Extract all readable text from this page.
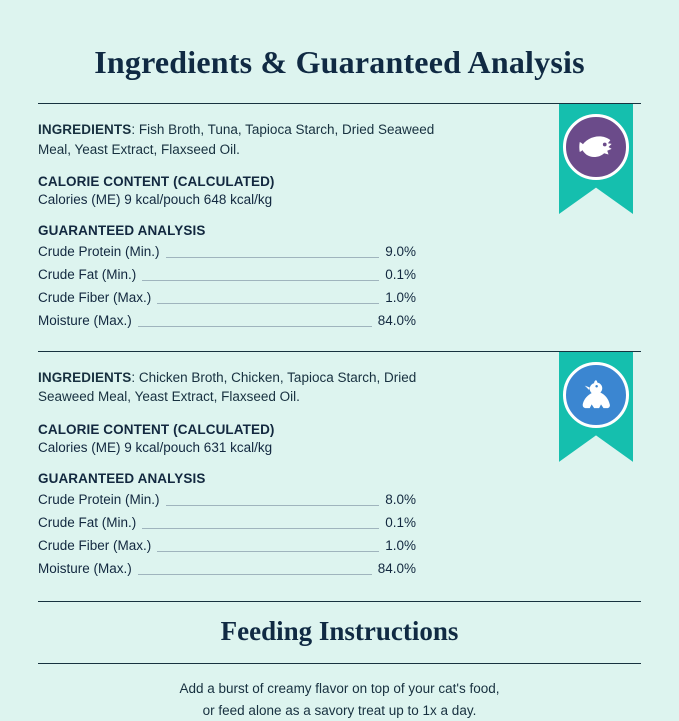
Ingredients & Guaranteed Analysis
INGREDIENTS: Fish Broth, Tuna, Tapioca Starch, Dried Seaweed Meal, Yeast Extract, Flaxseed Oil.
CALORIE CONTENT (CALCULATED)
Calories (ME) 9 kcal/pouch 648 kcal/kg
GUARANTEED ANALYSIS
Crude Protein (Min.)	9.0%
Crude Fat (Min.)	0.1%
Crude Fiber (Max.)	1.0%
Moisture (Max.)	84.0%
INGREDIENTS: Chicken Broth, Chicken, Tapioca Starch, Dried Seaweed Meal, Yeast Extract, Flaxseed Oil.
CALORIE CONTENT (CALCULATED)
Calories (ME) 9 kcal/pouch 631 kcal/kg
GUARANTEED ANALYSIS
Crude Protein (Min.)	8.0%
Crude Fat (Min.)	0.1%
Crude Fiber (Max.)	1.0%
Moisture (Max.)	84.0%
Feeding Instructions
Add a burst of creamy flavor on top of your cat's food,
or feed alone as a savory treat up to 1x a day.
